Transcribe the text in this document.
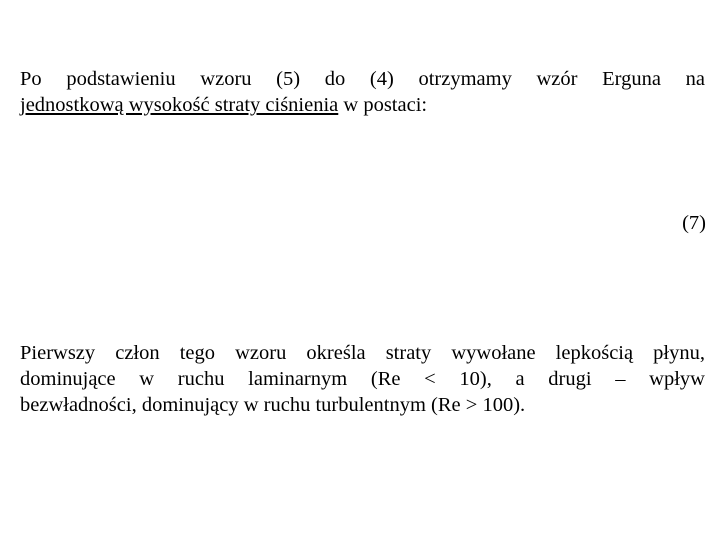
Po podstawieniu wzoru (5) do (4) otrzymamy wzór Erguna na
jednostkową wysokość straty ciśnienia w postaci:
(7)
Pierwszy człon tego wzoru określa straty wywołane lepkością płynu,
dominujące w ruchu laminarnym (Re < 10), a drugi – wpływ
bezwładności, dominujący w ruchu turbulentnym (Re > 100).
